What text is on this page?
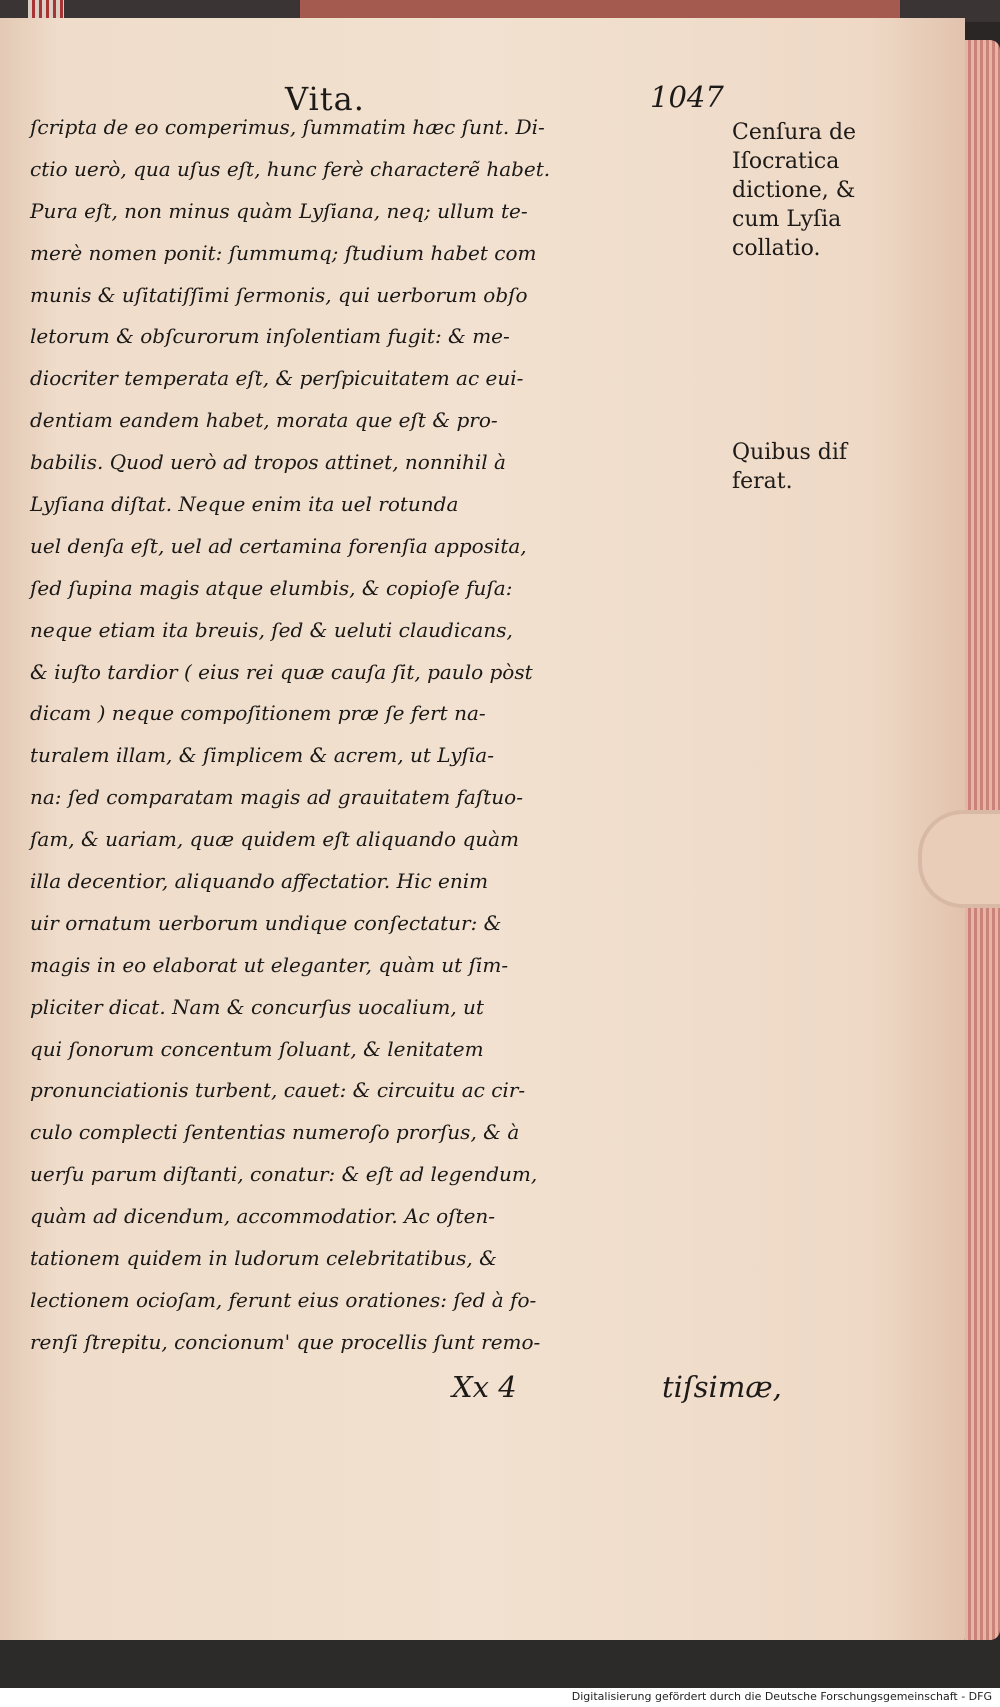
Vita.	1047
ſcripta de eo comperimus, ſummatim hæc ſunt. Di-
ctio uerò, qua uſus eſt, hunc ferè characterẽ habet.
Pura eſt, non minus quàm Lyſiana, neq; ullum te-
merè nomen ponit: ſummumq; ſtudium habet com
munis & uſitatiſſimi ſermonis, qui uerborum obſo
letorum & obſcurorum inſolentiam fugit: & me-
diocriter temperata eſt, & perſpicuitatem ac eui-
dentiam eandem habet, morata que eſt & pro-
babilis. Quod uerò ad tropos attinet, nonnihil à
Lyſiana diſtat. Neque enim ita uel rotunda
uel denſa eſt, uel ad certamina forenſia apposita,
ſed ſupina magis atque elumbis, & copioſe fuſa:
neque etiam ita breuis, ſed & ueluti claudicans,
& iuſto tardior ( eius rei quæ cauſa ſit, paulo pòst
dicam ) neque compoſitionem præ ſe fert na-
turalem illam, & ſimplicem & acrem, ut Lyſia-
na: ſed comparatam magis ad grauitatem faſtuo-
ſam, & uariam, quæ quidem eſt aliquando quàm
illa decentior, aliquando affectatior. Hic enim
uir ornatum uerborum undique conſectatur: &
magis in eo elaborat ut eleganter, quàm ut ſim-
pliciter dicat. Nam & concurſus uocalium, ut
qui ſonorum concentum ſoluant, & lenitatem
pronunciationis turbent, cauet: & circuitu ac cir-
culo complecti ſententias numeroſo prorſus, & à
uerſu parum diſtanti, conatur: & eſt ad legendum,
quàm ad dicendum, accommodatior. Ac oſten-
tationem quidem in ludorum celebritatibus, &
lectionem ocioſam, ferunt eius orationes: ſed à fo-
renſi ſtrepitu, concionum' que procellis ſunt remo-
Cenſura de
Iſocratica
dictione, &
cum Lyſia
collatio.
Quibus dif
ferat.
Xx 4	tiſsimæ,
Digitalisierung gefördert durch die Deutsche Forschungsgemeinschaft - DFG
